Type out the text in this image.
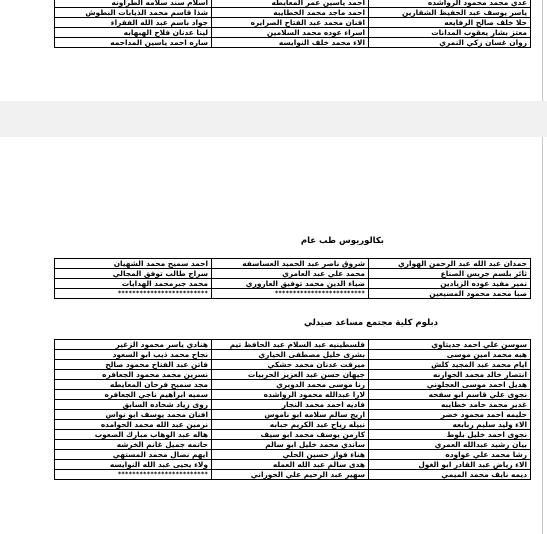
عدي محمد محمود الرواشده	احمد ياسين عمر المعايطه	اسلام سند سلامه الطراونه
ياسر يوسف عبد الحفيظ الشقارين	احمد ماجد محمد الخطايبه	شذا قاسم محمد الذيابات البطوش
حلا خلف صالح الرفايعه	افنان محمد عبد الفتاح الصرايره	جواد باسم عبد الله الفقراء
معتز بشار يعقوب المدانات	اسراء عوده محمد السلامين	لينا عدنان فلاح الهبهابه
روان غسان زكي النمري	الاء محمد خلف النوايسه	ساره احمد ياسين المداحمه
بكالوريوس طب عام
حمدان عبد الله عبد الرحمن الهواري	شروق ناصر عبد الحميد العساسفه	احمد سميح محمد الشهيان
ثائر بلسم جريس الصناع	محمد علي عبد العامري	سراج طالب توفق المجالي
نمير مفيد عوده الزيادين	ضياء الدين محمد توفيق العاروري	محمد جبرمحمد الهدايات
صبا محمد محمود المسيعين	*************************	*************************
دبلوم كلية مجتمع مساعد صيدلي
سوسن علي احمد جديتاوي	فلسطينيه عبد السلام عبد الحافظ تيم	هنادي ياسر محمود الزغير
هبه محمد امين موسى	بشرى خليل مصطفى الحياري	نجاح محمد ذيب ابو السعود
ايام محمد عبد المجيد كلش	ميرفت عدنان محمد حشكي	فاتن عبد الفتاح محمود صالح
انتصار خالد محمد الحوارنه	جيهان حسن عبد العزيز الحربيات	نسرين محمد محمود الجعافره
هديل احمد موسى العجلوني	رنا موسى محمد الدويري	مجد سميح فرحان المعايطه
نجوى علي قاسم ابو سفحه	لارا عبدالله محمود الرواشده	سميه ابراهيم ناجي الجعافره
غدير محمد حامد خطايبه	فاديه احمد محمد النجار	روى زياد شحاده السابق
حليمه احمد محمود خضر	اريج سالم سلامه ابو ناموس	افنان محمد يوسف ابو نواس
الاء وليد سليم ربابعه	نبيله رياح عبد الكريم حبابه	نرمين عبد الله محمد الحوامده
نجوى احمد خليل بلوط	كارمن يوسف محمد ابو سيف	هاله عبد الوهاب مبارك الصعوب
بيان رشيد عبدالله العمري	ساندي محمد خليل ابو سالم	حاتمه جميل غانم الخرشه
رشا محمد علي عواوده	هناء فواز حسين الحلي	ايهم نضال محمد المستهي
الاء رياض عبد القادر ابو الغول	هدى سالم عبد الله العمله	ولاء يحيى عبد الله النوايسه
ديمه نايف محمد الميمي	سهير عبد الرحيم علي الحوراني	*************************
